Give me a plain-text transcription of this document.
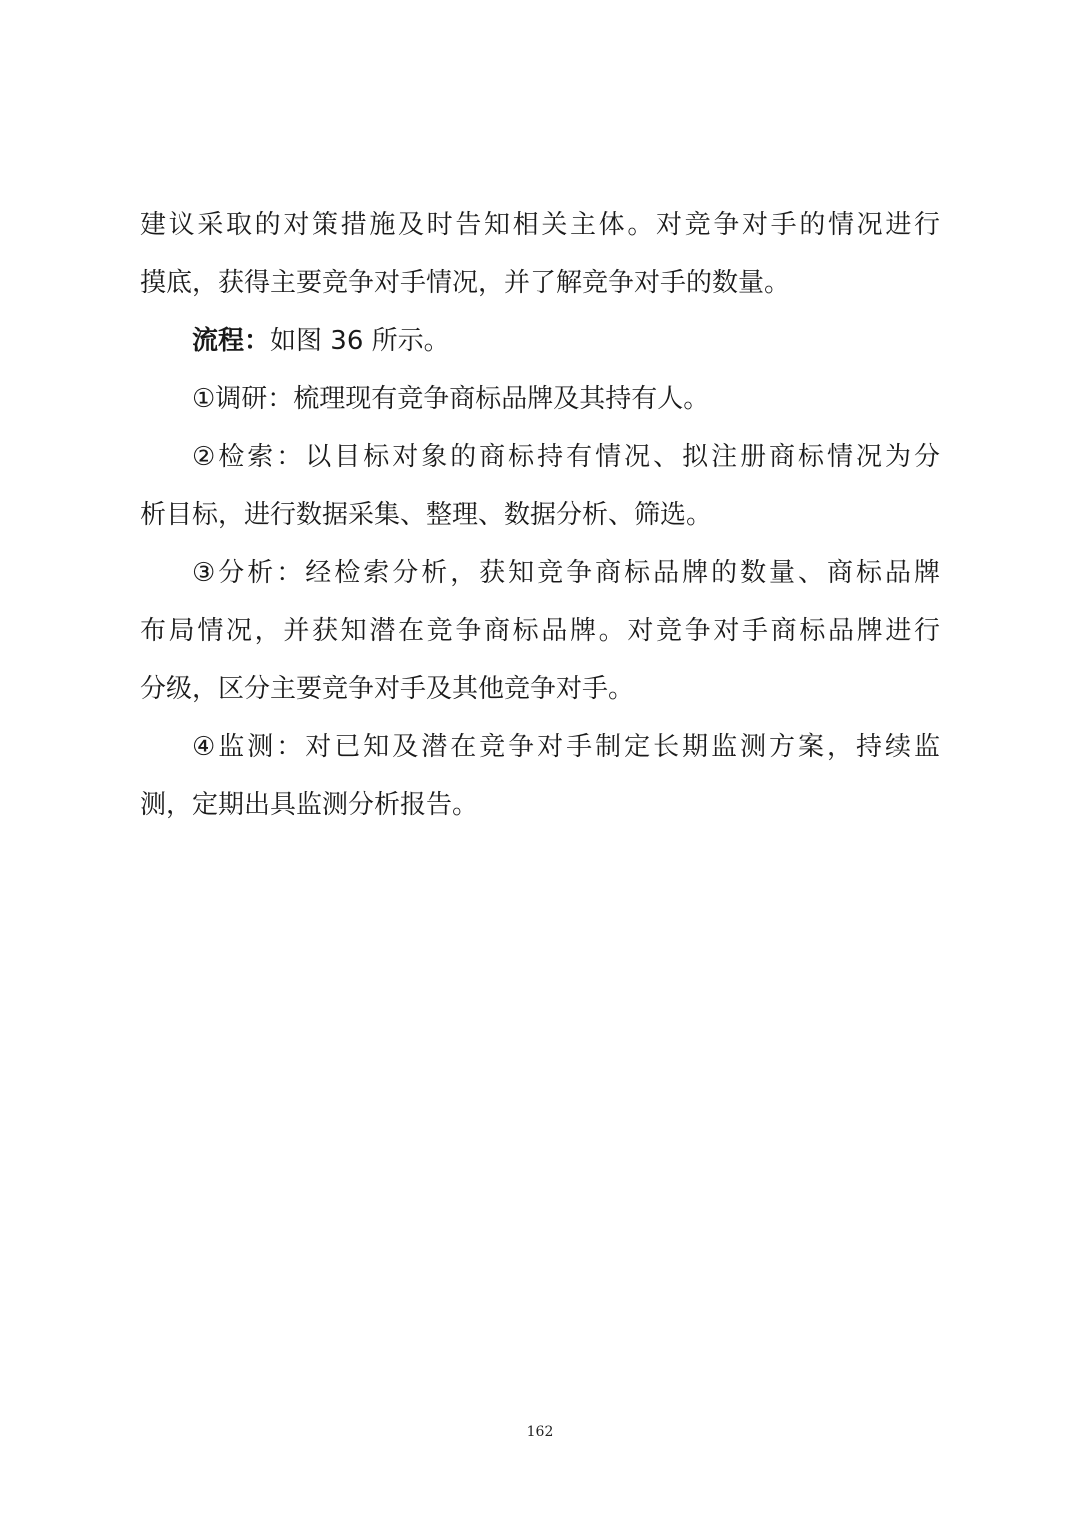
建议采取的对策措施及时告知相关主体。对竞争对手的情况进行
摸底，获得主要竞争对手情况，并了解竞争对手的数量。
流程：如图 36 所示。
①调研：梳理现有竞争商标品牌及其持有人。
②检索：以目标对象的商标持有情况、拟注册商标情况为分
析目标，进行数据采集、整理、数据分析、筛选。
③分析：经检索分析，获知竞争商标品牌的数量、商标品牌
布局情况，并获知潜在竞争商标品牌。对竞争对手商标品牌进行
分级，区分主要竞争对手及其他竞争对手。
④监测：对已知及潜在竞争对手制定长期监测方案，持续监
测，定期出具监测分析报告。
162
